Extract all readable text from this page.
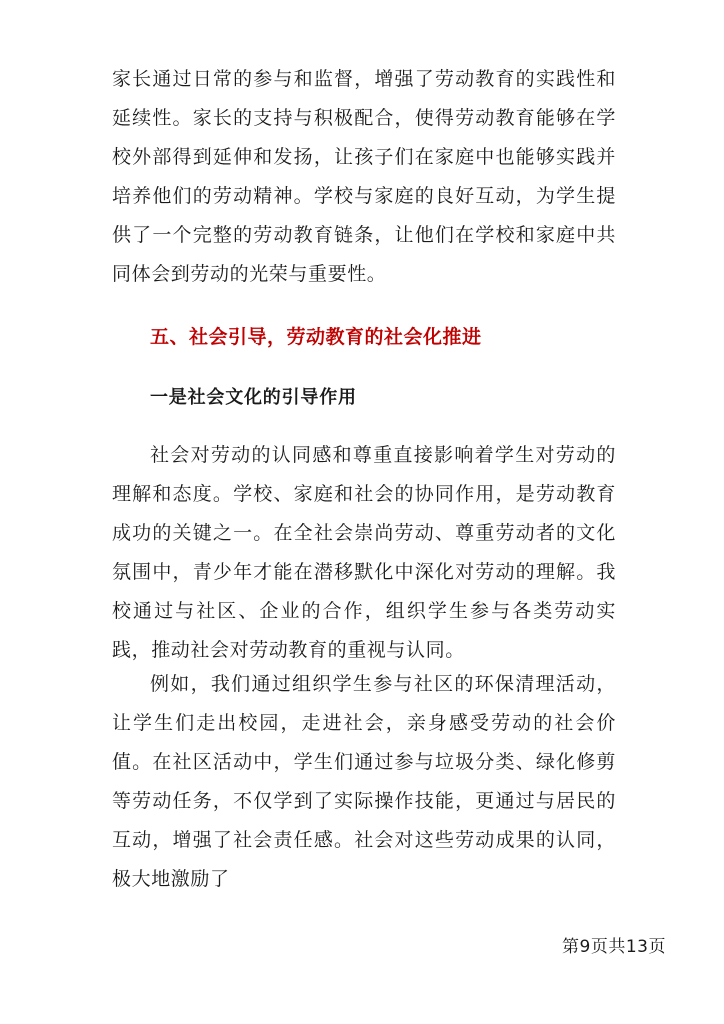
家长通过日常的参与和监督，增强了劳动教育的实践性和延续性。家长的支持与积极配合，使得劳动教育能够在学校外部得到延伸和发扬，让孩子们在家庭中也能够实践并培养他们的劳动精神。学校与家庭的良好互动，为学生提供了一个完整的劳动教育链条，让他们在学校和家庭中共同体会到劳动的光荣与重要性。

五、社会引导，劳动教育的社会化推进
一是社会文化的引导作用

社会对劳动的认同感和尊重直接影响着学生对劳动的理解和态度。学校、家庭和社会的协同作用，是劳动教育成功的关键之一。在全社会崇尚劳动、尊重劳动者的文化氛围中，青少年才能在潜移默化中深化对劳动的理解。我校通过与社区、企业的合作，组织学生参与各类劳动实践，推动社会对劳动教育的重视与认同。

例如，我们通过组织学生参与社区的环保清理活动，让学生们走出校园，走进社会，亲身感受劳动的社会价值。在社区活动中，学生们通过参与垃圾分类、绿化修剪等劳动任务，不仅学到了实际操作技能，更通过与居民的互动，增强了社会责任感。社会对这些劳动成果的认同，极大地激励了

第9页共13页
